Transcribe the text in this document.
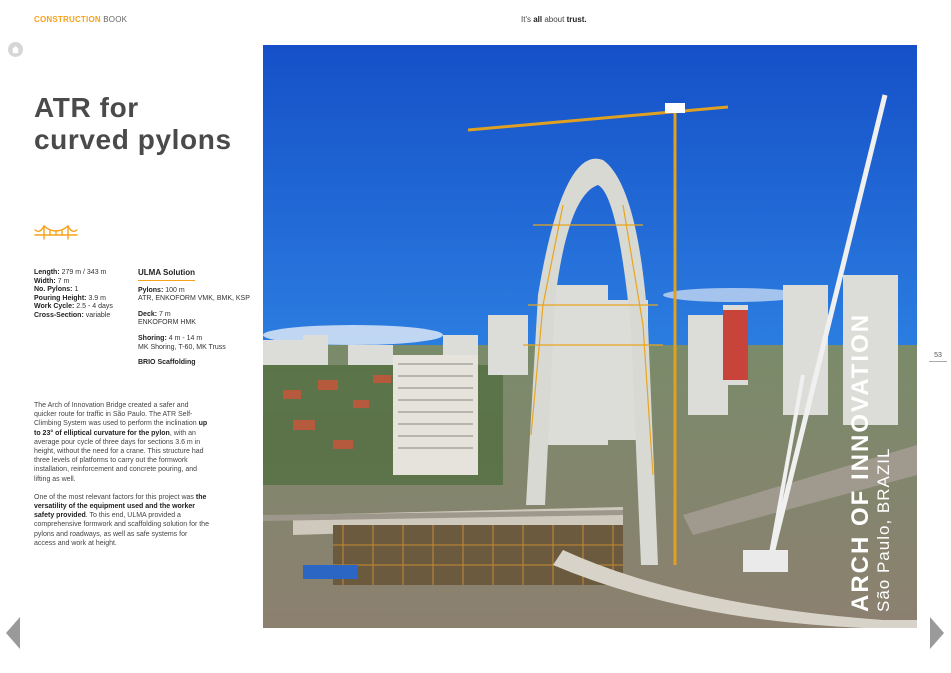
CONSTRUCTION BOOK	It's all about trust.
ATR for
curved pylons
Length: 279 m / 343 m
Width: 7 m
No. Pylons: 1
Pouring Height: 3.9 m
Work Cycle: 2.5 - 4 days
Cross-Section: variable
ULMA Solution
Pylons: 100 m
ATR, ENKOFORM VMK, BMK, KSP
Deck: 7 m
ENKOFORM HMK
Shoring: 4 m - 14 m
MK Shoring, T-60, MK Truss
BRIO Scaffolding

The Arch of Innovation Bridge created a safer and quicker route for traffic in São Paulo. The ATR Self-Climbing System was used to perform the inclination up to 23° of elliptical curvature for the pylon, with an average pour cycle of three days for sections 3.6 m in height, without the need for a crane. This structure had three levels of platforms to carry out the formwork installation, reinforcement and concrete pouring, and lifting as well.

One of the most relevant factors for this project was the versatility of the equipment used and the worker safety provided. To this end, ULMA provided a comprehensive formwork and scaffolding solution for the pylons and roadways, as well as safe systems for access and work at height.	ARCH OF INNOVATION São Paulo, BRAZIL
53
